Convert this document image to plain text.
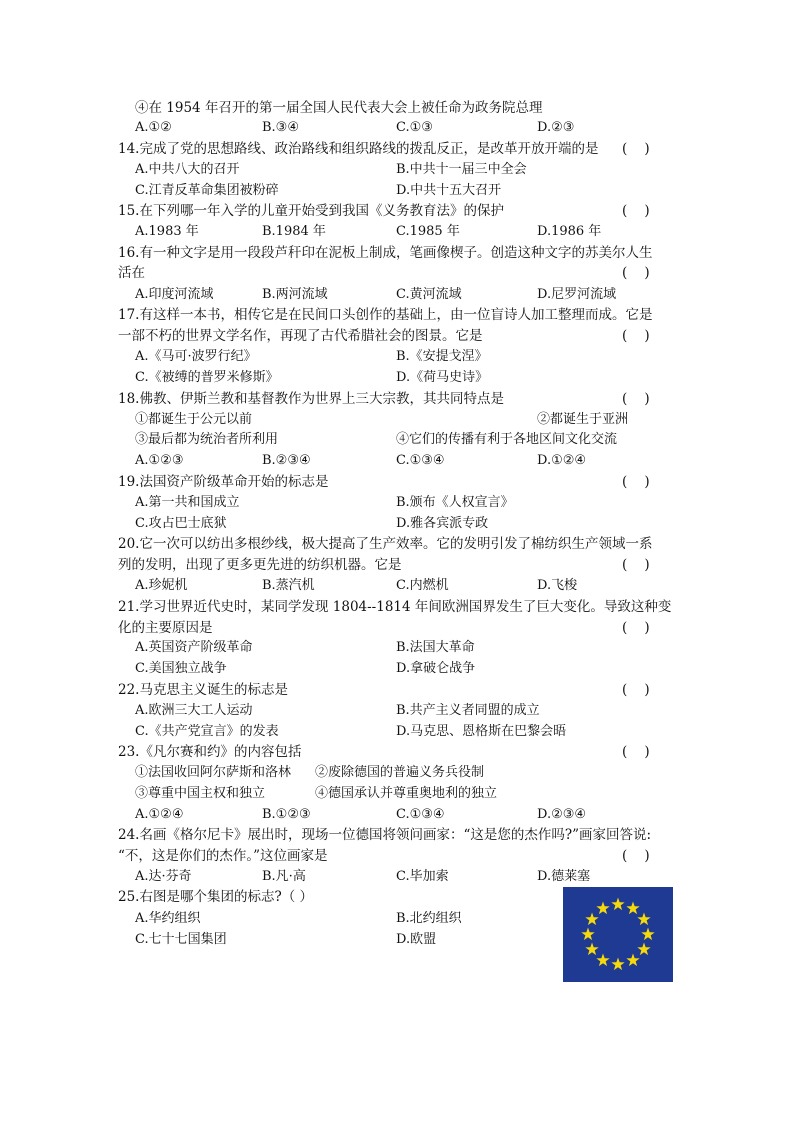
④在 1954 年召开的第一届全国人民代表大会上被任命为政务院总理
A.①②	B.③④	C.①③	D.②③
14.完成了党的思想路线、政治路线和组织路线的拨乱反正，是改革开放开端的是 (    )
A.中共八大的召开	B.中共十一届三中全会
C.江青反革命集团被粉碎	D.中共十五大召开
15.在下列哪一年入学的儿童开始受到我国《义务教育法》的保护	(    )
A.1983 年	B.1984 年	C.1985 年	D.1986 年
16.有一种文字是用一段段芦秆印在泥板上制成，笔画像楔子。创造这种文字的苏美尔人生
活在	(    )
A.印度河流域	B.两河流域	C.黄河流域	D.尼罗河流域
17.有这样一本书，相传它是在民间口头创作的基础上，由一位盲诗人加工整理而成。它是
一部不朽的世界文学名作，再现了古代希腊社会的图景。它是	(    )
A.《马可·波罗行纪》	B.《安提戈涅》
C.《被缚的普罗米修斯》	D.《荷马史诗》
18.佛教、伊斯兰教和基督教作为世界上三大宗教，其共同特点是	(    )
①都诞生于公元以前	②都诞生于亚洲
③最后都为统治者所利用	④它们的传播有利于各地区间文化交流
A.①②③	B.②③④	C.①③④	D.①②④
19.法国资产阶级革命开始的标志是	(    )
A.第一共和国成立	B.颁布《人权宣言》
C.攻占巴士底狱	D.雅各宾派专政
20.它一次可以纺出多根纱线，极大提高了生产效率。它的发明引发了棉纺织生产领域一系
列的发明，出现了更多更先进的纺织机器。它是	(    )
A.珍妮机	B.蒸汽机	C.内燃机	D.飞梭
21.学习世界近代史时，某同学发现 1804--1814 年间欧洲国界发生了巨大变化。导致这种变
化的主要原因是	(    )
A.英国资产阶级革命	B.法国大革命
C.美国独立战争	D.拿破仑战争
22.马克思主义诞生的标志是	(    )
A.欧洲三大工人运动	B.共产主义者同盟的成立
C.《共产党宣言》的发表	D.马克思、恩格斯在巴黎会晤
23.《凡尔赛和约》的内容包括	(    )
①法国收回阿尔萨斯和洛林 ②废除德国的普遍义务兵役制
③尊重中国主权和独立	④德国承认并尊重奥地利的独立
A.①②④	B.①②③	C.①③④	D.②③④
24.名画《格尔尼卡》展出时，现场一位德国将领问画家：“这是您的杰作吗?”画家回答说:
“不，这是你们的杰作。”这位画家是	(    )
A.达·芬奇	B.凡·高	C.毕加索	D.德莱塞
25.右图是哪个集团的标志?（ ）
A.华约组织	B.北约组织
C.七十七国集团	D.欧盟
